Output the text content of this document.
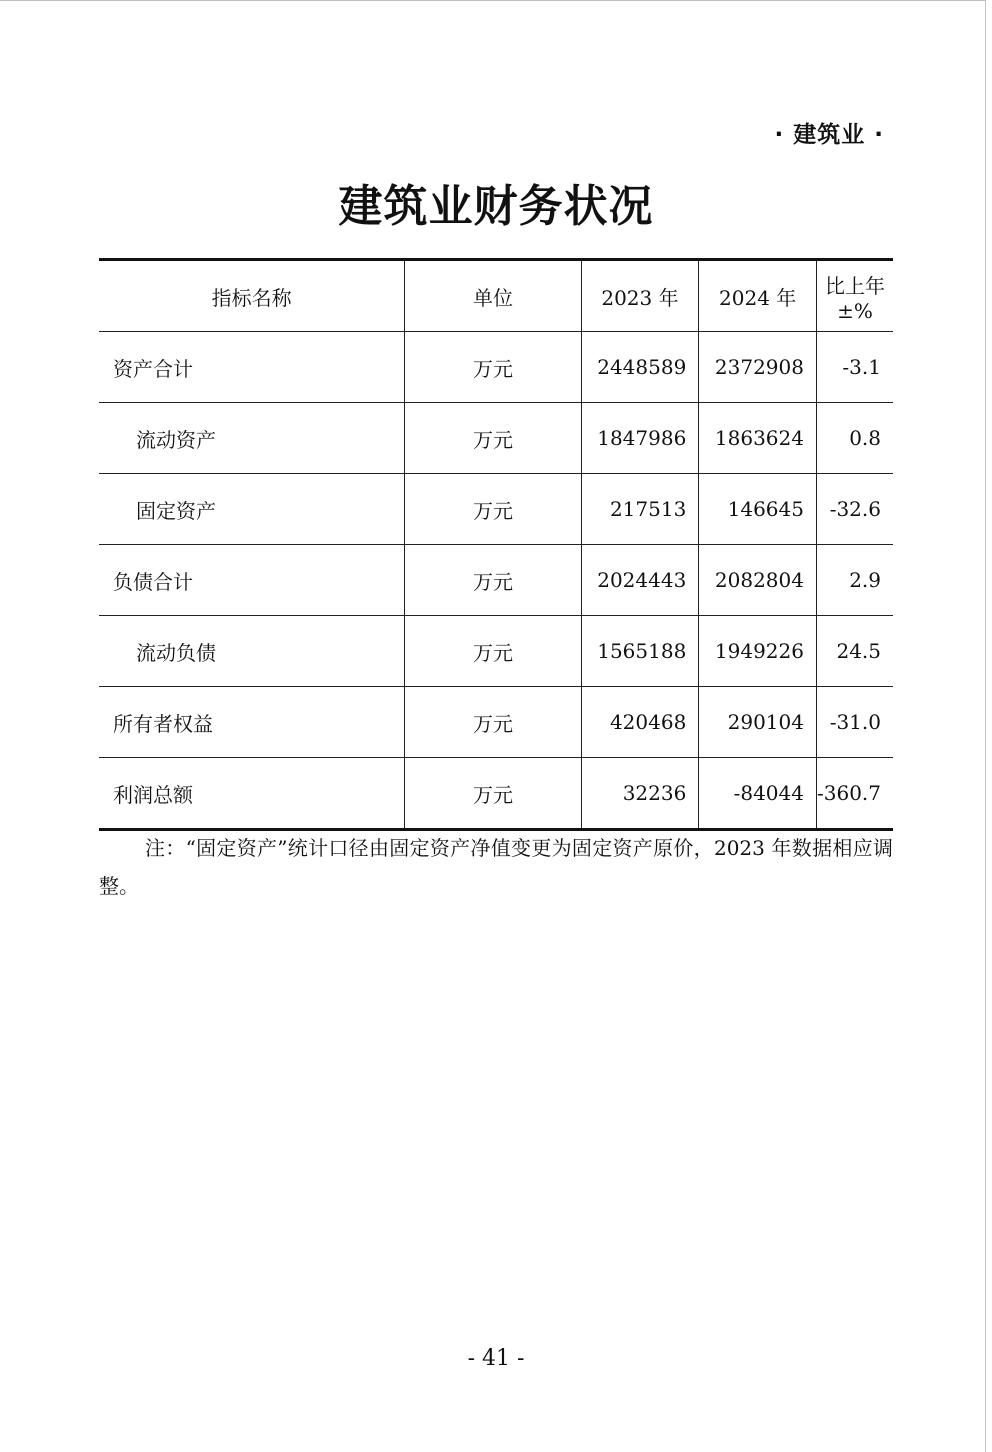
· 建筑业 ·
建筑业财务状况
指标名称	单位	2023 年	2024 年	比上年±%
资产合计	万元	2448589	2372908	-3.1
流动资产	万元	1847986	1863624	0.8
固定资产	万元	217513	146645	-32.6
负债合计	万元	2024443	2082804	2.9
流动负债	万元	1565188	1949226	24.5
所有者权益	万元	420468	290104	-31.0
利润总额	万元	32236	-84044	-360.7
注：“固定资产”统计口径由固定资产净值变更为固定资产原价，2023 年数据相应调整。
- 41 -
